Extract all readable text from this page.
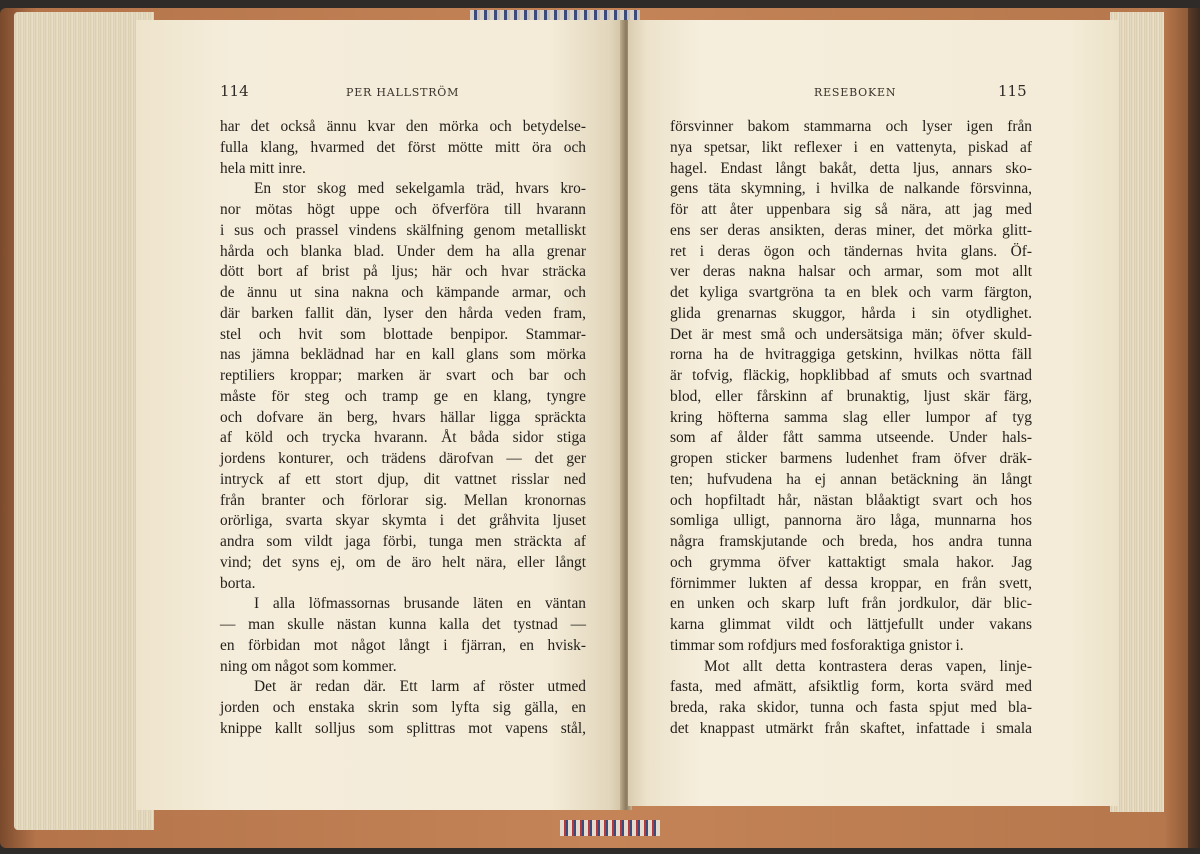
114	PER HALLSTRÖM
har det också ännu kvar den mörka och betydelse-
fulla klang, hvarmed det först mötte mitt öra och
hela mitt inre.
En stor skog med sekelgamla träd, hvars kro-
nor mötas högt uppe och öfverföra till hvarann
i sus och prassel vindens skälfning genom metalliskt
hårda och blanka blad. Under dem ha alla grenar
dött bort af brist på ljus; här och hvar sträcka
de ännu ut sina nakna och kämpande armar, och
där barken fallit dän, lyser den hårda veden fram,
stel och hvit som blottade benpipor. Stammar-
nas jämna beklädnad har en kall glans som mörka
reptiliers kroppar; marken är svart och bar och
måste för steg och tramp ge en klang, tyngre
och dofvare än berg, hvars hällar ligga spräckta
af köld och trycka hvarann. Åt båda sidor stiga
jordens konturer, och trädens därofvan — det ger
intryck af ett stort djup, dit vattnet risslar ned
från branter och förlorar sig. Mellan kronornas
orörliga, svarta skyar skymta i det gråhvita ljuset
andra som vildt jaga förbi, tunga men sträckta af
vind; det syns ej, om de äro helt nära, eller långt
borta.
I alla löfmassornas brusande läten en väntan
— man skulle nästan kunna kalla det tystnad —
en förbidan mot något långt i fjärran, en hvisk-
ning om något som kommer.
Det är redan där. Ett larm af röster utmed
jorden och enstaka skrin som lyfta sig gälla, en
knippe kallt solljus som splittras mot vapens stål,
RESEBOKEN	115
försvinner bakom stammarna och lyser igen från
nya spetsar, likt reflexer i en vattenyta, piskad af
hagel. Endast långt bakåt, detta ljus, annars sko-
gens täta skymning, i hvilka de nalkande försvinna,
för att åter uppenbara sig så nära, att jag med
ens ser deras ansikten, deras miner, det mörka glitt-
ret i deras ögon och tändernas hvita glans. Öf-
ver deras nakna halsar och armar, som mot allt
det kyliga svartgröna ta en blek och varm färgton,
glida grenarnas skuggor, hårda i sin otydlighet.
Det är mest små och undersätsiga män; öfver skuld-
rorna ha de hvitraggiga getskinn, hvilkas nötta fäll
är tofvig, fläckig, hopklibbad af smuts och svartnad
blod, eller fårskinn af brunaktig, ljust skär färg,
kring höfterna samma slag eller lumpor af tyg
som af ålder fått samma utseende. Under hals-
gropen sticker barmens ludenhet fram öfver dräk-
ten; hufvudena ha ej annan betäckning än långt
och hopfiltadt hår, nästan blåaktigt svart och hos
somliga ulligt, pannorna äro låga, munnarna hos
några framskjutande och breda, hos andra tunna
och grymma öfver kattaktigt smala hakor. Jag
förnimmer lukten af dessa kroppar, en från svett,
en unken och skarp luft från jordkulor, där blic-
karna glimmat vildt och lättjefullt under vakans
timmar som rofdjurs med fosforaktiga gnistor i.
Mot allt detta kontrastera deras vapen, linje-
fasta, med afmätt, afsiktlig form, korta svärd med
breda, raka skidor, tunna och fasta spjut med bla-
det knappast utmärkt från skaftet, infattade i smala
